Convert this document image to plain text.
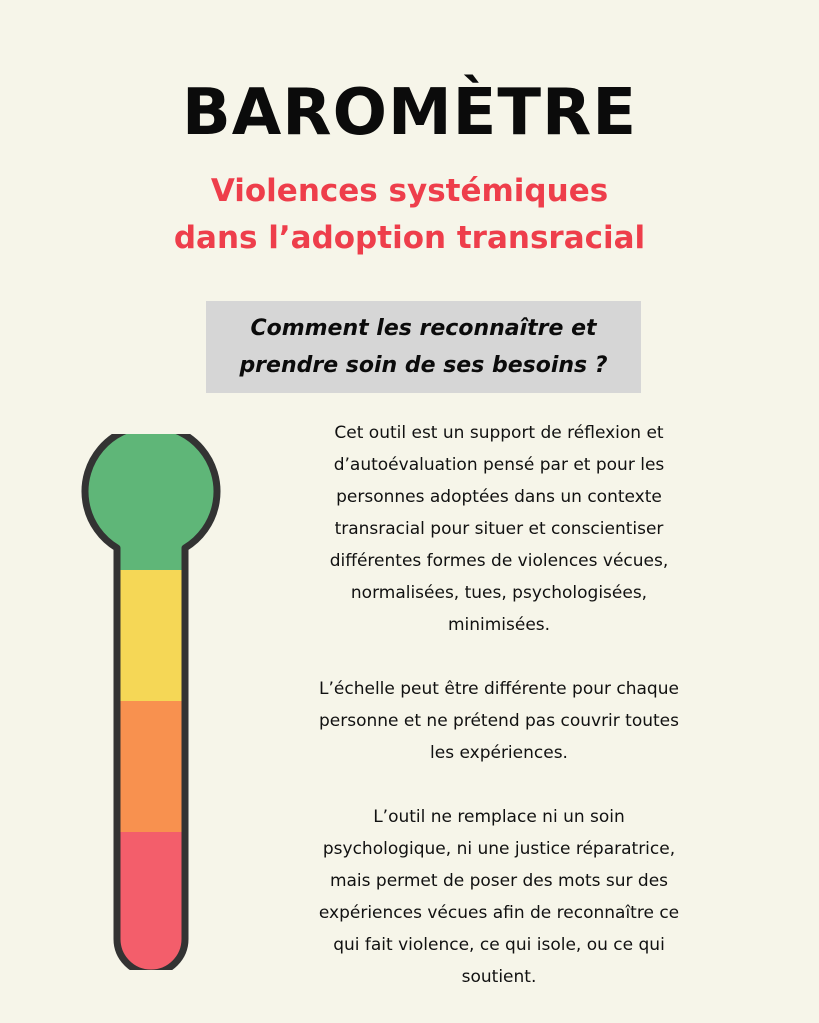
BAROMÈTRE
Violences systémiques
dans l’adoption transracial
Comment les reconnaître et
prendre soin de ses besoins ?
Cet outil est un support de réflexion et
d’autoévaluation pensé par et pour les
personnes adoptées dans un contexte
transracial pour situer et conscientiser
différentes formes de violences vécues,
normalisées, tues, psychologisées,
minimisées.
L’échelle peut être différente pour chaque
personne et ne prétend pas couvrir toutes
les expériences.
L’outil ne remplace ni un soin
psychologique, ni une justice réparatrice,
mais permet de poser des mots sur des
expériences vécues afin de reconnaître ce
qui fait violence, ce qui isole, ou ce qui
soutient.
